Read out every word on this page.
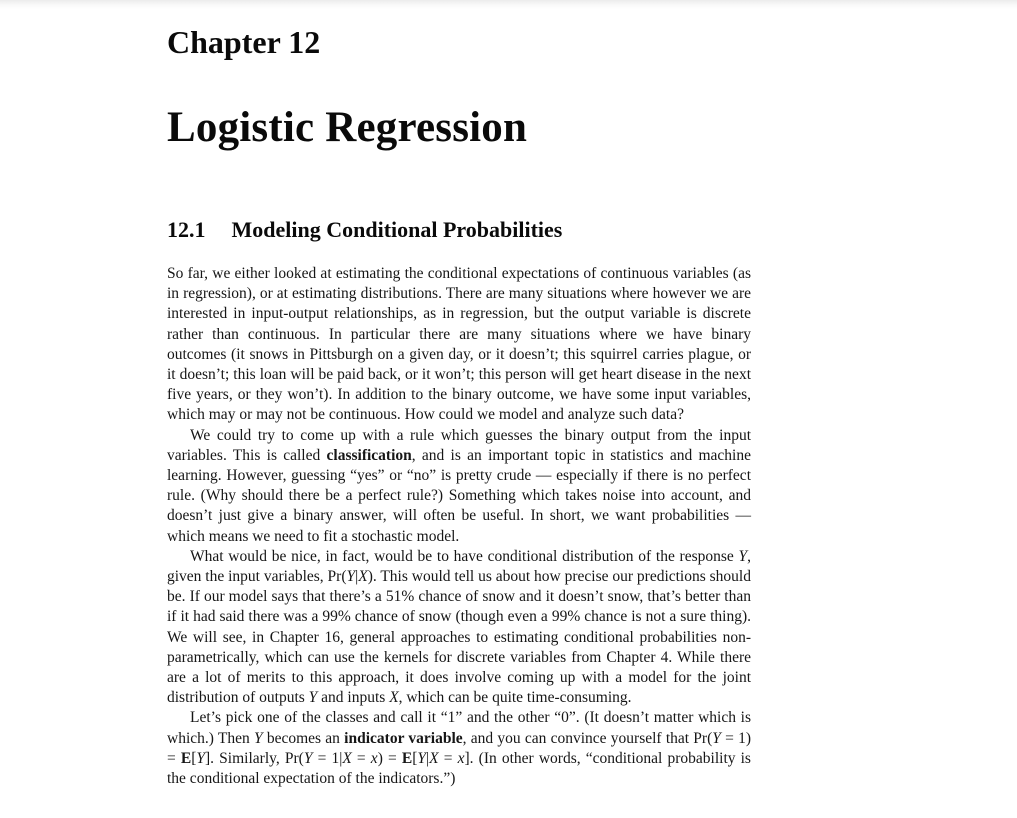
Chapter 12
Logistic Regression
12.1 Modeling Conditional Probabilities

So far, we either looked at estimating the conditional expectations of continuous variables (as in regression), or at estimating distributions. There are many situations where however we are interested in input-output relationships, as in regression, but the output variable is discrete rather than continuous. In particular there are many situations where we have binary outcomes (it snows in Pittsburgh on a given day, or it doesn’t; this squirrel carries plague, or it doesn’t; this loan will be paid back, or it won’t; this person will get heart disease in the next five years, or they won’t). In addition to the binary outcome, we have some input variables, which may or may not be continuous. How could we model and analyze such data?

We could try to come up with a rule which guesses the binary output from the input variables. This is called classification, and is an important topic in statistics and machine learning. However, guessing “yes” or “no” is pretty crude — especially if there is no perfect rule. (Why should there be a perfect rule?) Something which takes noise into account, and doesn’t just give a binary answer, will often be useful. In short, we want probabilities — which means we need to fit a stochastic model.

What would be nice, in fact, would be to have conditional distribution of the response Y, given the input variables, Pr(Y|X). This would tell us about how precise our predictions should be. If our model says that there’s a 51% chance of snow and it doesn’t snow, that’s better than if it had said there was a 99% chance of snow (though even a 99% chance is not a sure thing). We will see, in Chapter 16, general approaches to estimating conditional probabilities non-parametrically, which can use the kernels for discrete variables from Chapter 4. While there are a lot of merits to this approach, it does involve coming up with a model for the joint distribution of outputs Y and inputs X, which can be quite time-consuming.

Let’s pick one of the classes and call it “1” and the other “0”. (It doesn’t matter which is which.) Then Y becomes an indicator variable, and you can convince yourself that Pr(Y = 1) = E[Y]. Similarly, Pr(Y = 1|X = x) = E[Y|X = x]. (In other words, “conditional probability is the conditional expectation of the indicators.”)
